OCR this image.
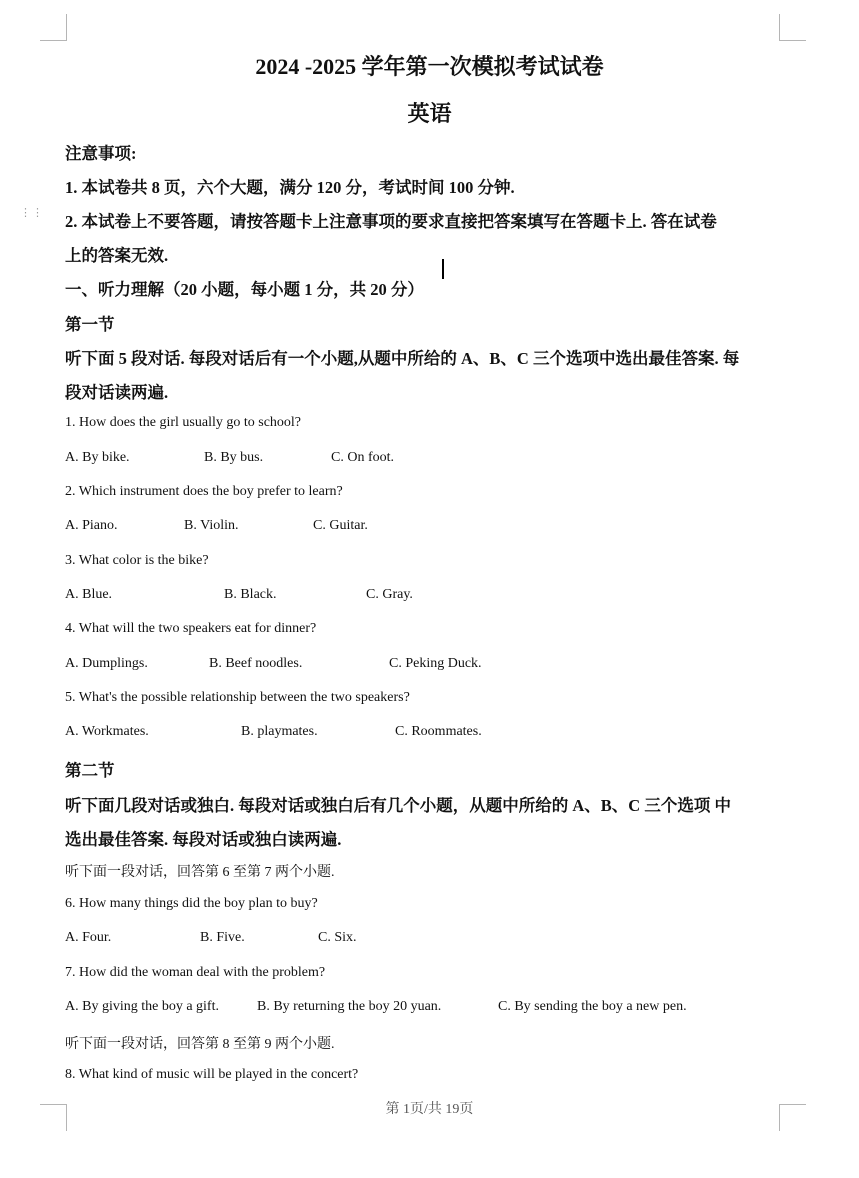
⋮⋮
2024 -2025 学年第一次模拟考试试卷
英语
注意事项:
1. 本试卷共 8 页，六个大题，满分 120 分，考试时间 100 分钟.
2. 本试卷上不要答题，请按答题卡上注意事项的要求直接把答案填写在答题卡上. 答在试卷
上的答案无效.
一、听力理解（20 小题，每小题 1 分，共 20 分）
第一节
听下面 5 段对话. 每段对话后有一个小题,从题中所给的 A、B、C 三个选项中选出最佳答案. 每
段对话读两遍.
1. How does the girl usually go to school?
A. By bike.	B. By bus.	C. On foot.
2. Which instrument does the boy prefer to learn?
A. Piano.	B. Violin.	C. Guitar.
3. What color is the bike?
A. Blue.	B. Black.	C. Gray.
4. What will the two speakers eat for dinner?
A. Dumplings.	B. Beef noodles.	C. Peking Duck.
5. What's the possible relationship between the two speakers?
A. Workmates.	B. playmates.	C. Roommates.
第二节
听下面几段对话或独白. 每段对话或独白后有几个小题，从题中所给的 A、B、C 三个选项 中
选出最佳答案. 每段对话或独白读两遍.
听下面一段对话，回答第 6 至第 7 两个小题.
6. How many things did the boy plan to buy?
A. Four.	B. Five.	C. Six.
7. How did the woman deal with the problem?
A. By giving the boy a gift.	B. By returning the boy 20 yuan.	C. By sending the boy a new pen.
听下面一段对话，回答第 8 至第 9 两个小题.
8. What kind of music will be played in the concert?
第 1页/共 19页
